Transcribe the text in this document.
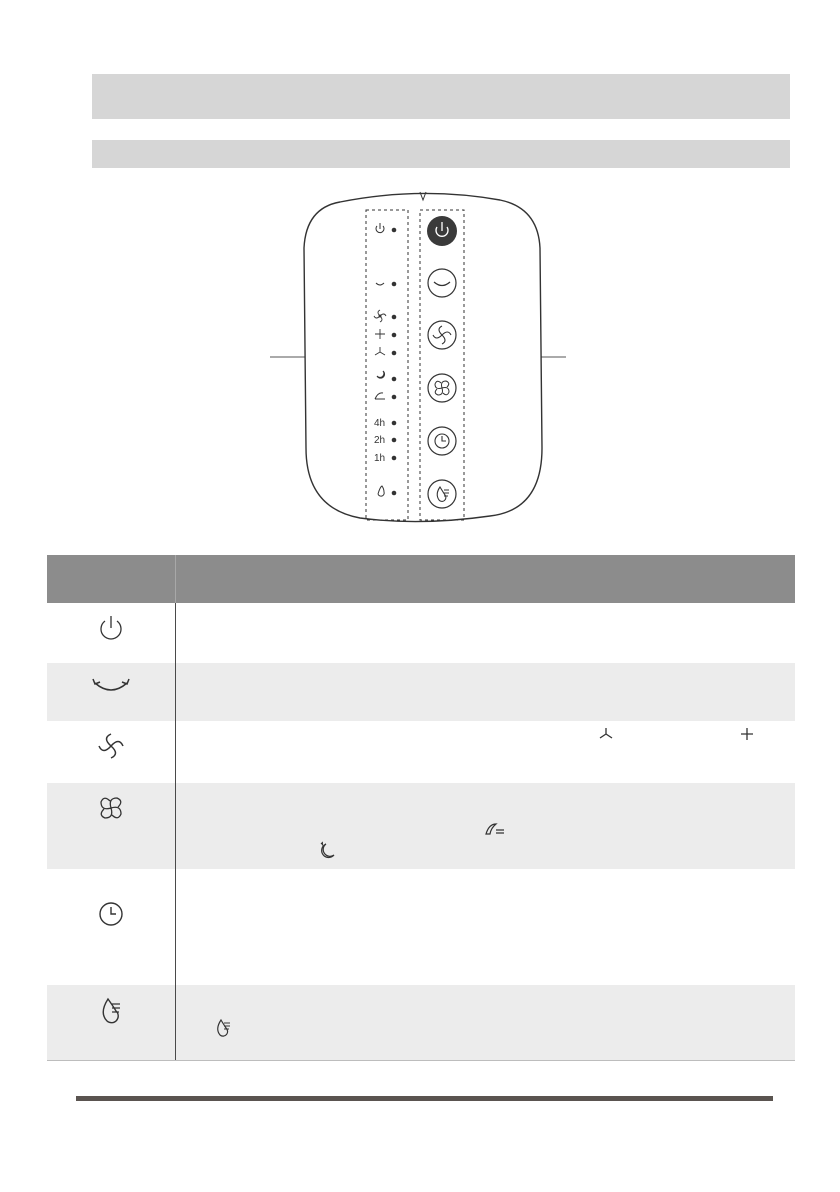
4h
2h
1h
